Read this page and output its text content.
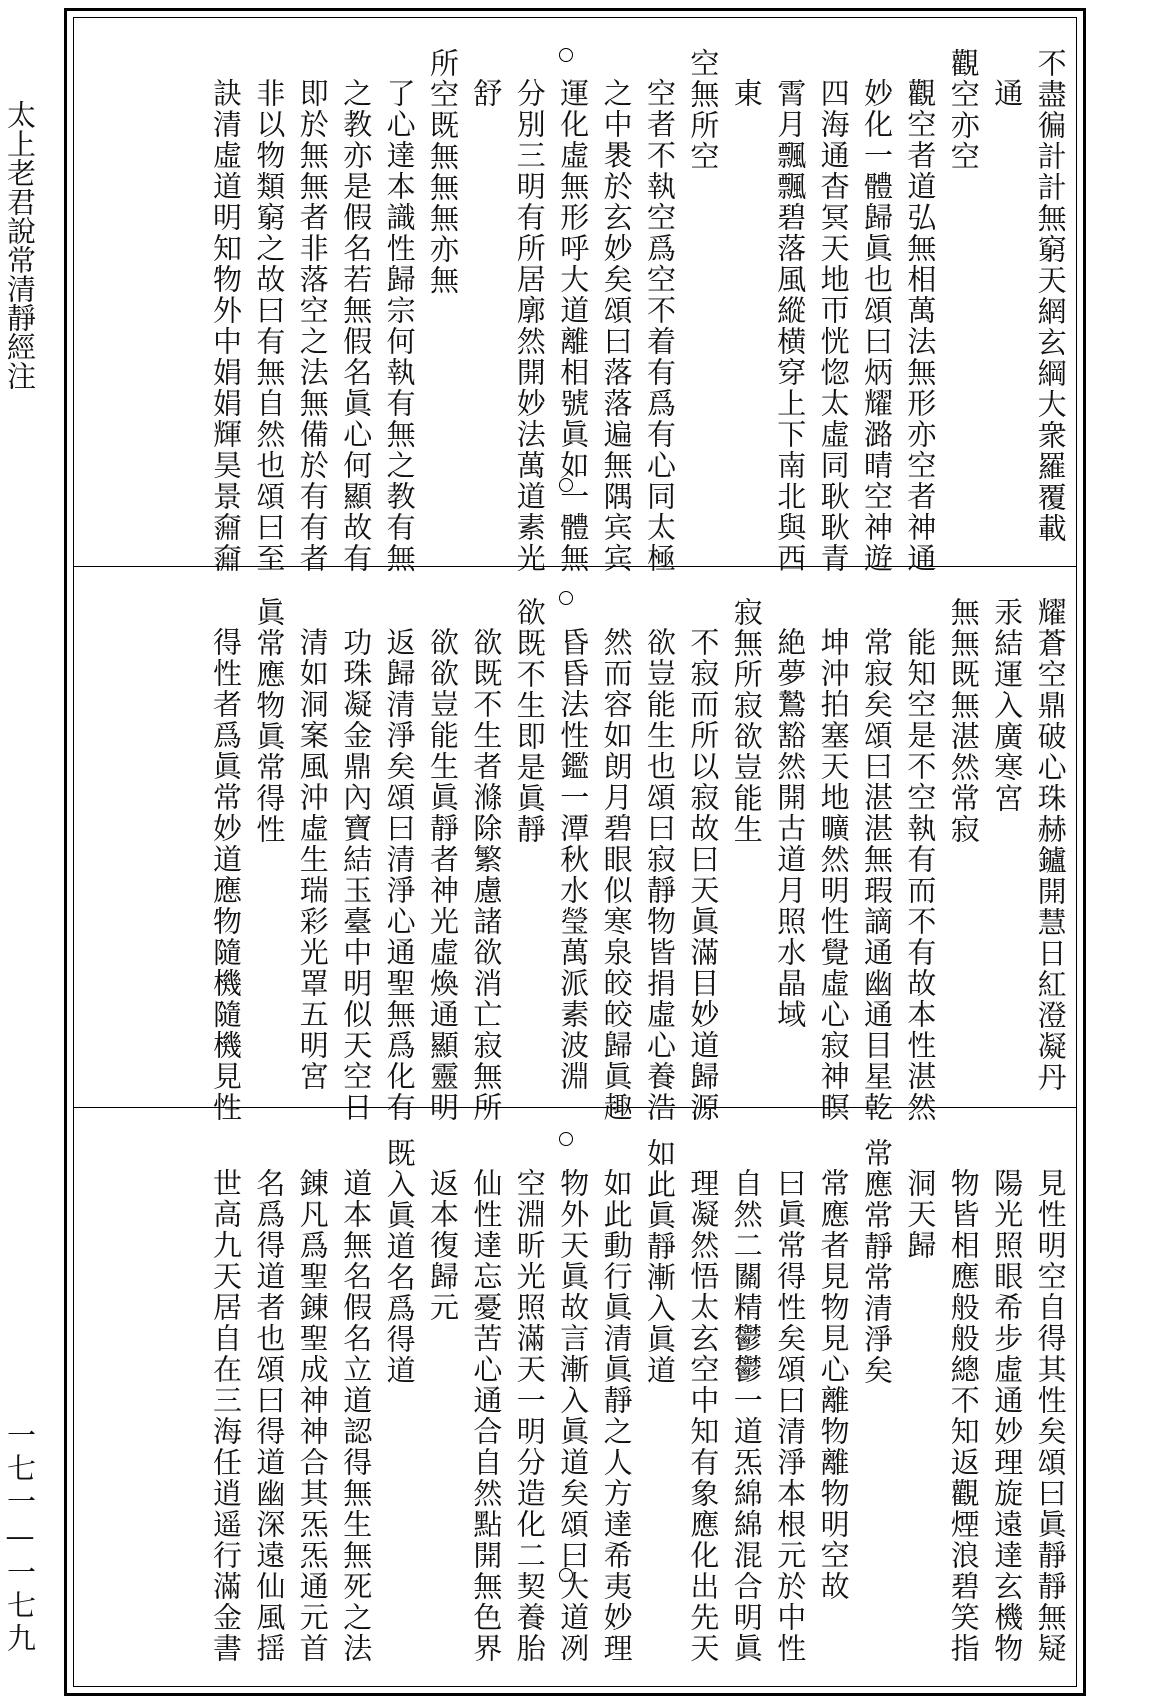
太上老君說常清靜經注
一七一—一七九
不盡徧計計無窮天網玄綱大衆羅覆載
通
觀空亦空
觀空者道弘無相萬法無形亦空者神通
妙化一體歸眞也頌曰炳耀潞晴空神遊
四海通杳冥天地帀恍惚太虛同耿耿青
霄月飄飄碧落風縱横穿上下南北與西
東
空無所空
空者不執空爲空不着有爲有心同太極
之中褁於玄妙矣頌曰落落遍無隅宾宾
運化虛無形呼大道離相號眞如一體無
分別三明有所居廓然開妙法萬道素光
舒
所空既無無無亦無
了心達本識性歸宗何執有無之教有無
之教亦是假名若無假名眞心何顯故有
即於無無者非落空之法無備於有有者
非以物類窮之故曰有無自然也頌曰至
訣清虛道明知物外中娟娟輝昊景奫奫
耀蒼空鼎破心珠赫鑪開慧日紅澄凝丹
汞結運入廣寒宮
無無既無湛然常寂
能知空是不空執有而不有故本性湛然
常寂矣頌曰湛湛無瑕謫通幽通目星乾
坤沖拍塞天地曠然明性覺虛心寂神瞑
絶夢鷙豁然開古道月照水晶域
寂無所寂欲豈能生
不寂而所以寂故曰天眞滿目妙道歸源
欲豈能生也頌曰寂靜物皆捐虛心養浩
然而容如朗月碧眼似寒泉皎皎歸眞趣
昏昏法性鑑一潭秋水瑩萬派素波淵
欲既不生即是眞靜
欲既不生者滌除繁慮諸欲消亡寂無所
欲欲豈能生眞靜者神光虛煥通顯靈明
返歸清淨矣頌曰清淨心通聖無爲化有
功珠凝金鼎內寶結玉臺中明似天空日
清如洞案風沖虛生瑞彩光罩五明宮
眞常應物眞常得性
得性者爲眞常妙道應物隨機隨機見性
見性明空自得其性矣頌曰眞靜靜無疑
陽光照眼希步虛通妙理旋遠達玄機物
物皆相應般般總不知返觀煙浪碧笑指
洞天歸
常應常靜常清淨矣
常應者見物見心離物離物明空故
曰眞常得性矣頌曰清淨本根元於中性
自然二關精鬱鬱一道炁綿綿混合明眞
理凝然悟太玄空中知有象應化出先天
如此眞靜漸入眞道
如此動行眞清眞靜之人方達希夷妙理
物外天眞故言漸入眞道矣頌曰大道冽
空淵昕光照滿天一明分造化二契養胎
仙性達忘憂苦心通合自然點開無色界
返本復歸元
既入眞道名爲得道
道本無名假名立道認得無生無死之法
錬凡爲聖錬聖成神神合其炁炁通元首
名爲得道者也頌曰得道幽深遠仙風揺
世高九天居自在三海任逍遥行滿金書
